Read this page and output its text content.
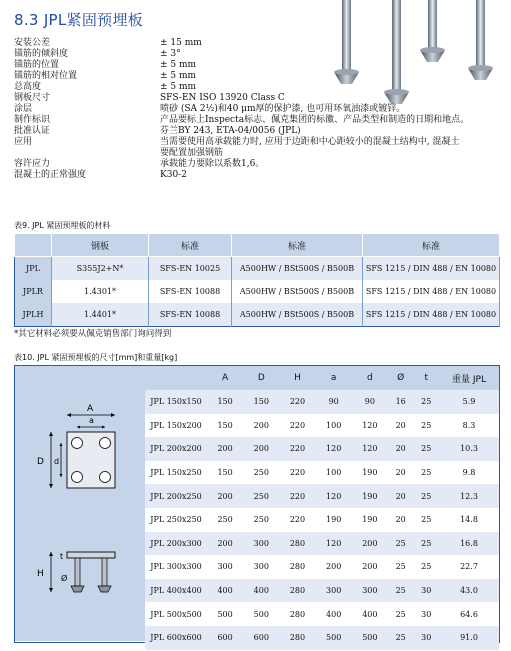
8.3 JPL紧固预埋板
安装公差	± 15 mm
锚筋的倾斜度	± 3°
锚筋的位置	± 5 mm
锚筋的相对位置	± 5 mm
总高度	± 5 mm
钢板尺寸	SFS-EN ISO 13920 Class C
涂层	喷砂 (SA 2½)和40 μm厚的保护漆, 也可用环氧油漆或镀锌。
制作标识	产品要标上Inspecta标志、佩克集团的标徽、产品类型和制造的日期和地点。
批准认证	芬兰BY 243, ETA-04/0056 (JPL)
应用	当需要使用高承载能力时, 应用于边距和中心距较小的混凝土结构中, 混凝土
要配置加强钢筋
容许应力	承载能力要除以系数1,6。
混凝土的正常强度	K30-2
表9. JPL 紧固预埋板的材料
	钢板	标准	标准	标准
JPL	S355J2+N*	SFS-EN 10025	A500HW / BSt500S / B500B	SFS 1215 / DIN 488 / EN 10080
JPLR	1.4301*	SFS-EN 10088	A500HW / BSt500S / B500B	SFS 1215 / DIN 488 / EN 10080
JPLH	1.4401*	SFS-EN 10088	A500HW / BSt500S / B500B	SFS 1215 / DIN 488 / EN 10080
*其它材料必须要从佩克销售部门询问得到
表10. JPL 紧固预埋板的尺寸[mm]和重量[kg]
A
a
D d
H
t
Ø
	A	D	H	a	d	Ø	t	重量 JPL
JPL 150x150	150	150	220	90	90	16	25	5.9
JPL 150x200	150	200	220	100	120	20	25	8.3
JPL 200x200	200	200	220	120	120	20	25	10.3
JPL 150x250	150	250	220	100	190	20	25	9.8
JPL 200x250	200	250	220	120	190	20	25	12.3
JPL 250x250	250	250	220	190	190	20	25	14.8
JPL 200x300	200	300	280	120	200	25	25	16.8
JPL 300x300	300	300	280	200	200	25	25	22.7
JPL 400x400	400	400	280	300	300	25	30	43.0
JPL 500x500	500	500	280	400	400	25	30	64.6
JPL 600x600	600	600	280	500	500	25	30	91.0
